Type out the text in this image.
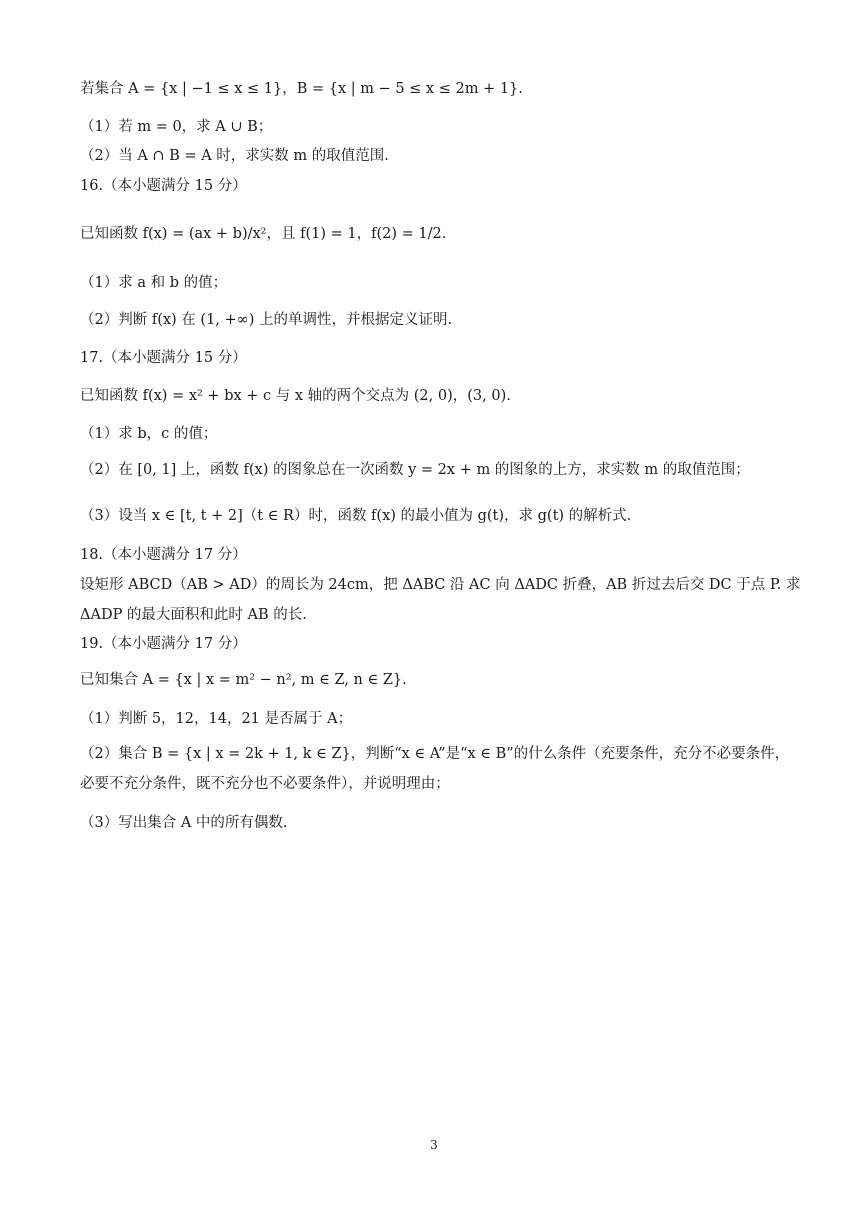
若集合 A = {x | −1 ≤ x ≤ 1}，B = {x | m − 5 ≤ x ≤ 2m + 1}.
（1）若 m = 0，求 A ∪ B；
（2）当 A ∩ B = A 时，求实数 m 的取值范围.
16.（本小题满分 15 分）
已知函数 f(x) = (ax + b)/x²，且 f(1) = 1，f(2) = 1/2.
（1）求 a 和 b 的值；
（2）判断 f(x) 在 (1, +∞) 上的单调性，并根据定义证明.
17.（本小题满分 15 分）
已知函数 f(x) = x² + bx + c 与 x 轴的两个交点为 (2, 0)，(3, 0).
（1）求 b，c 的值；
（2）在 [0, 1] 上，函数 f(x) 的图象总在一次函数 y = 2x + m 的图象的上方，求实数 m 的取值范围；
（3）设当 x ∈ [t, t + 2]（t ∈ R）时，函数 f(x) 的最小值为 g(t)，求 g(t) 的解析式.
18.（本小题满分 17 分）
设矩形 ABCD（AB > AD）的周长为 24cm，把 ΔABC 沿 AC 向 ΔADC 折叠，AB 折过去后交 DC 于点 P. 求 ΔADP 的最大面积和此时 AB 的长.
19.（本小题满分 17 分）
已知集合 A = {x | x = m² − n², m ∈ Z, n ∈ Z}.
（1）判断 5，12，14，21 是否属于 A；
（2）集合 B = {x | x = 2k + 1, k ∈ Z}，判断“x ∈ A”是“x ∈ B”的什么条件（充要条件，充分不必要条件，必要不充分条件，既不充分也不必要条件），并说明理由；
（3）写出集合 A 中的所有偶数.
3
